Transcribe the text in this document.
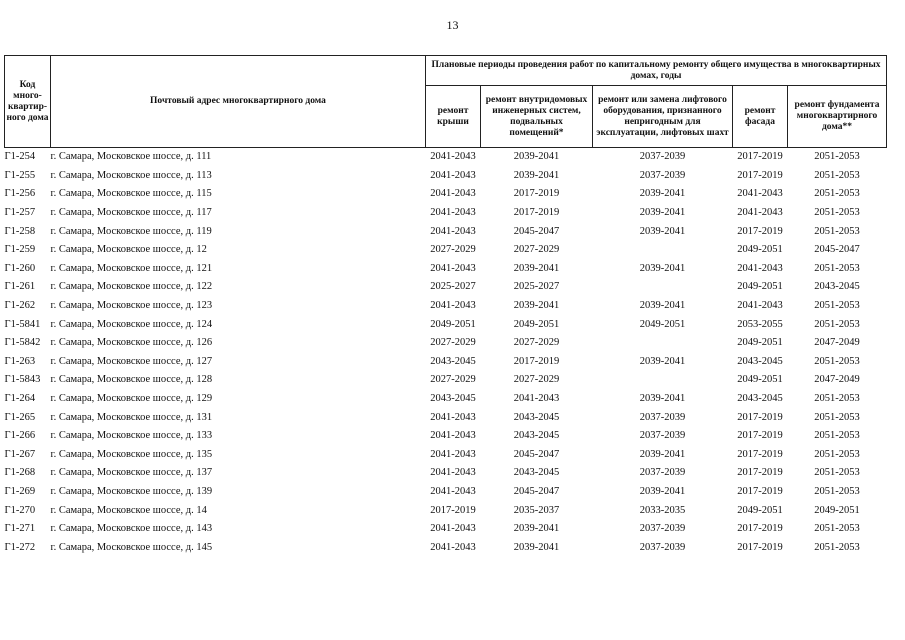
13
Код много-квартир-ного дома	Почтовый адрес многоквартирного дома	Плановые периоды проведения работ по капитальному ремонту общего имущества в многоквартирных домах, годы				
		ремонт крыши	ремонт внутридомовых инженерных систем, подвальных помещений*	ремонт или замена лифтового оборудования, признанного непригодным для эксплуатации, лифтовых шахт	ремонт фасада	ремонт фундамента многоквартирного дома**
Г1-254	г. Самара, Московское шоссе, д. 111	2041-2043	2039-2041	2037-2039	2017-2019	2051-2053
Г1-255	г. Самара, Московское шоссе, д. 113	2041-2043	2039-2041	2037-2039	2017-2019	2051-2053
Г1-256	г. Самара, Московское шоссе, д. 115	2041-2043	2017-2019	2039-2041	2041-2043	2051-2053
Г1-257	г. Самара, Московское шоссе, д. 117	2041-2043	2017-2019	2039-2041	2041-2043	2051-2053
Г1-258	г. Самара, Московское шоссе, д. 119	2041-2043	2045-2047	2039-2041	2017-2019	2051-2053
Г1-259	г. Самара, Московское шоссе, д. 12	2027-2029	2027-2029		2049-2051	2045-2047
Г1-260	г. Самара, Московское шоссе, д. 121	2041-2043	2039-2041	2039-2041	2041-2043	2051-2053
Г1-261	г. Самара, Московское шоссе, д. 122	2025-2027	2025-2027		2049-2051	2043-2045
Г1-262	г. Самара, Московское шоссе, д. 123	2041-2043	2039-2041	2039-2041	2041-2043	2051-2053
Г1-5841	г. Самара, Московское шоссе, д. 124	2049-2051	2049-2051	2049-2051	2053-2055	2051-2053
Г1-5842	г. Самара, Московское шоссе, д. 126	2027-2029	2027-2029		2049-2051	2047-2049
Г1-263	г. Самара, Московское шоссе, д. 127	2043-2045	2017-2019	2039-2041	2043-2045	2051-2053
Г1-5843	г. Самара, Московское шоссе, д. 128	2027-2029	2027-2029		2049-2051	2047-2049
Г1-264	г. Самара, Московское шоссе, д. 129	2043-2045	2041-2043	2039-2041	2043-2045	2051-2053
Г1-265	г. Самара, Московское шоссе, д. 131	2041-2043	2043-2045	2037-2039	2017-2019	2051-2053
Г1-266	г. Самара, Московское шоссе, д. 133	2041-2043	2043-2045	2037-2039	2017-2019	2051-2053
Г1-267	г. Самара, Московское шоссе, д. 135	2041-2043	2045-2047	2039-2041	2017-2019	2051-2053
Г1-268	г. Самара, Московское шоссе, д. 137	2041-2043	2043-2045	2037-2039	2017-2019	2051-2053
Г1-269	г. Самара, Московское шоссе, д. 139	2041-2043	2045-2047	2039-2041	2017-2019	2051-2053
Г1-270	г. Самара, Московское шоссе, д. 14	2017-2019	2035-2037	2033-2035	2049-2051	2049-2051
Г1-271	г. Самара, Московское шоссе, д. 143	2041-2043	2039-2041	2037-2039	2017-2019	2051-2053
Г1-272	г. Самара, Московское шоссе, д. 145	2041-2043	2039-2041	2037-2039	2017-2019	2051-2053
